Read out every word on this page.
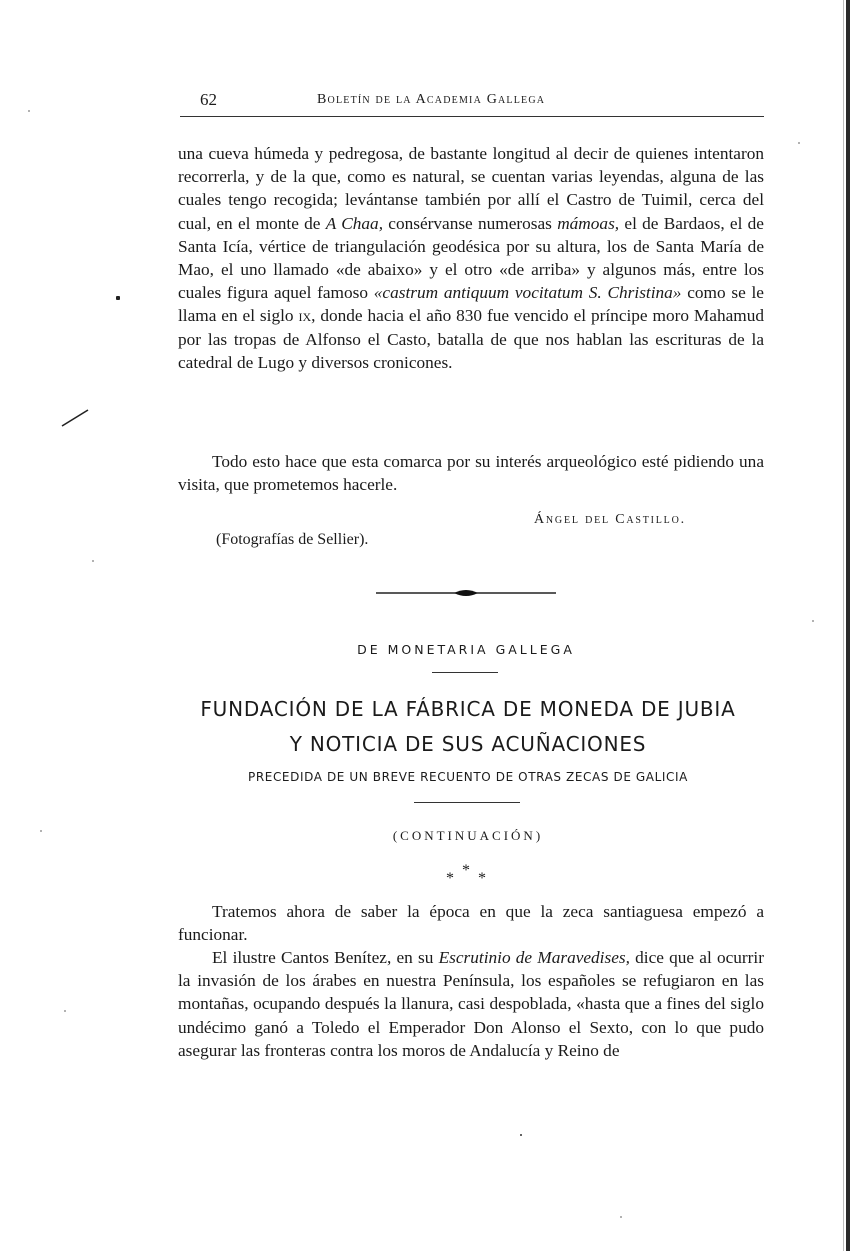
62	Boletín de la Academia Gallega

una cueva húmeda y pedregosa, de bastante longitud al decir de quienes intentaron recorrerla, y de la que, como es natural, se cuentan varias leyendas, alguna de las cuales tengo recogida; levántanse también por allí el Castro de Tuimil, cerca del cual, en el monte de A Chaa, consérvanse numerosas mámoas, el de Bardaos, el de Santa Icía, vértice de triangulación geodésica por su altura, los de Santa María de Mao, el uno llamado «de abaixo» y el otro «de arriba» y algunos más, entre los cuales figura aquel famoso «castrum antiquum vocitatum S. Christina» como se le llama en el siglo ix, donde hacia el año 830 fue vencido el príncipe moro Mahamud por las tropas de Alfonso el Casto, batalla de que nos hablan las escrituras de la catedral de Lugo y diversos cronicones.

Todo esto hace que esta comarca por su interés arqueológico esté pidiendo una visita, que prometemos hacerle.

Ángel del Castillo.
(Fotografías de Sellier).
DE MONETARIA GALLEGA
FUNDACIÓN DE LA FÁBRICA DE MONEDA DE JUBIA
Y NOTICIA DE SUS ACUÑACIONES
PRECEDIDA DE UN BREVE RECUENTO DE OTRAS ZECAS DE GALICIA
(CONTINUACIÓN)
* * *

Tratemos ahora de saber la época en que la zeca santiaguesa empezó a funcionar.

El ilustre Cantos Benítez, en su Escrutinio de Maravedises, dice que al ocurrir la invasión de los árabes en nuestra Península, los españoles se refugiaron en las montañas, ocupando después la llanura, casi despoblada, «hasta que a fines del siglo undécimo ganó a Toledo el Emperador Don Alonso el Sexto, con lo que pudo asegurar las fronteras contra los moros de Andalucía y Reino de
